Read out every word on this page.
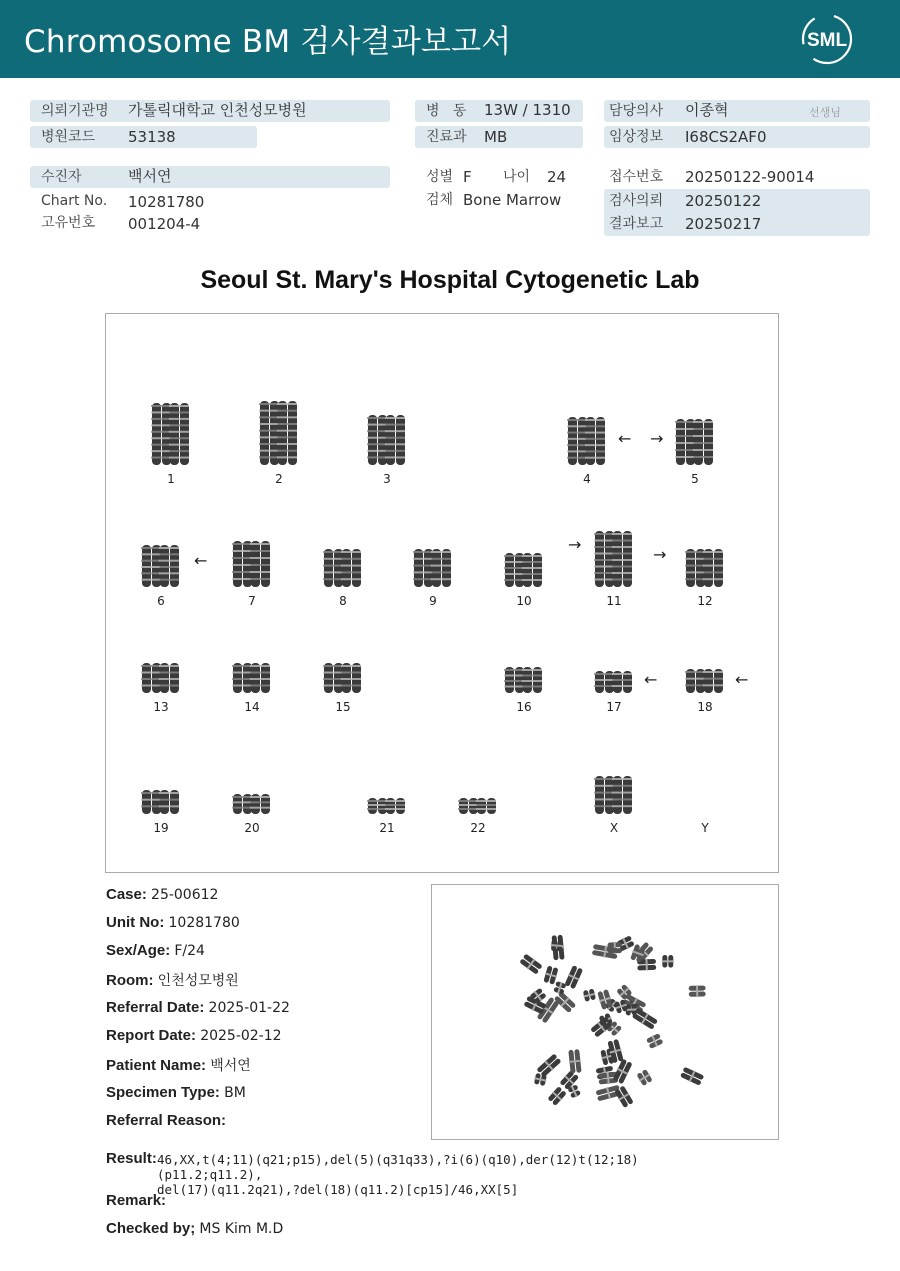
Chromosome BM 검사결과보고서	SML
의뢰기관명 가톨릭대학교 인천성모병원
병원코드 53138
병   동 13W / 1310
진료과 MB
담당의사 이종혁	선생님
임상정보 I68CS2AF0
수진자	백서연
Chart No. 10281780
고유번호 001204-4
성별 F 나이 24
검체 Bone Marrow
접수번호 20250122-90014
검사의뢰 20250122
결과보고 20250217
Seoul St. Mary's Hospital Cytogenetic Lab
1	2	3	4	5
6	7	8	9	10	11	12
13	14	15	16	17	18
19	20	21	22	X	Y
← →
←
→
→
←	←
Case: 25-00612
Unit No: 10281780
Sex/Age: F/24
Room: 인천성모병원
Referral Date: 2025-01-22
Report Date: 2025-02-12
Patient Name: 백서연
Specimen Type: BM
Referral Reason:
Result: 46,XX,t(4;11)(q21;p15),del(5)(q31q33),?i(6)(q10),der(12)t(12;18)(p11.2;q11.2),
del(17)(q11.2q21),?del(18)(q11.2)[cp15]/46,XX[5]
Remark:
Checked by; MS Kim M.D
